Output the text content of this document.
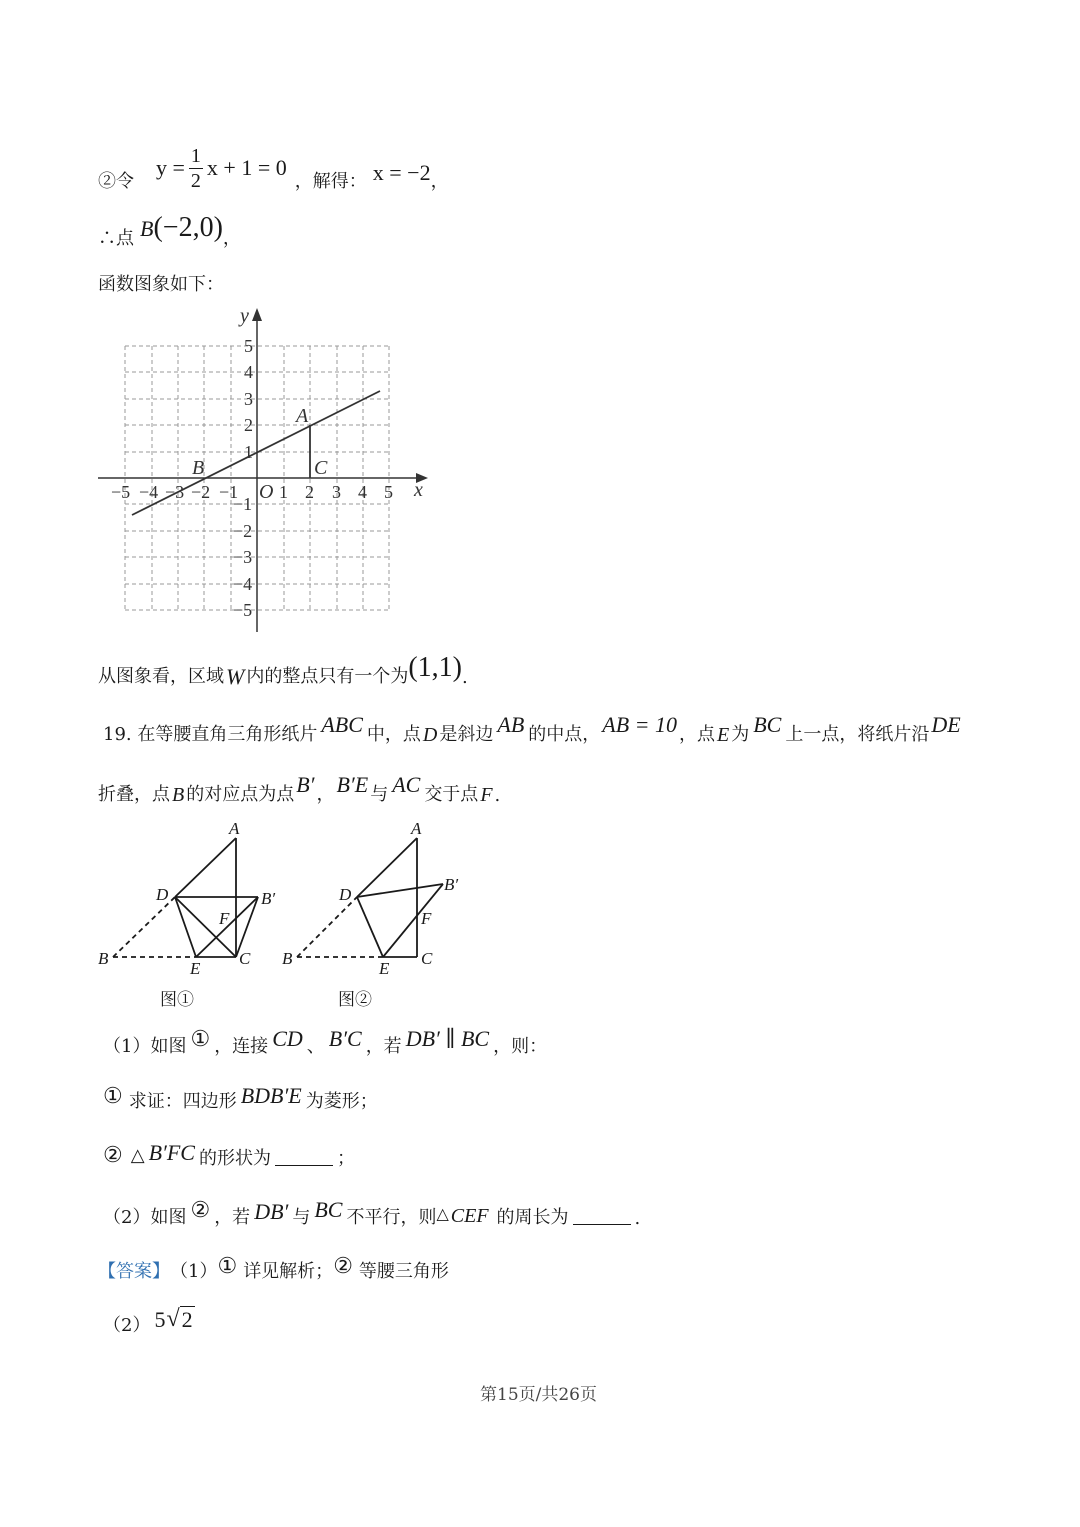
②令
$y = \frac{1}{2}$ x + 1 = 0
，解得： x = −2 ，
∴点 B (−2,0) ，
函数图象如下：
x
y
O
A
B	C
−5 −4 −3 −2 −1 1 2 3 4 5
5
4
3
2
1
−1
−2
−3
−4
−5
从图象看，区域 W 内的整点只有一个为 (1,1) .
19. 在等腰直角三角形纸片 ABC 中，点 D 是斜边 AB 的中点， AB = 10 ，点 E 为 BC 上一点，将纸片沿 DE
折叠，点 B 的对应点为点 B′ ， B′E 与 AC 交于点 F .
A
D	B′
F
B
E
C
图①
A
D
B′
F
B
E
C
图②
（1）如图 ① ，连接 CD 、 B′C ，若 DB′ ∥ BC ，则：
① 求证：四边形 BDB′E 为菱形；
② △ B′FC 的形状为	；
（2）如图 ② ，若 DB′ 与 BC 不平行，则 △ CEF 的周长为	.
【答案】 （1） ① 详见解析； ② 等腰三角形
（2） 5 √ 2
第15页/共26页
